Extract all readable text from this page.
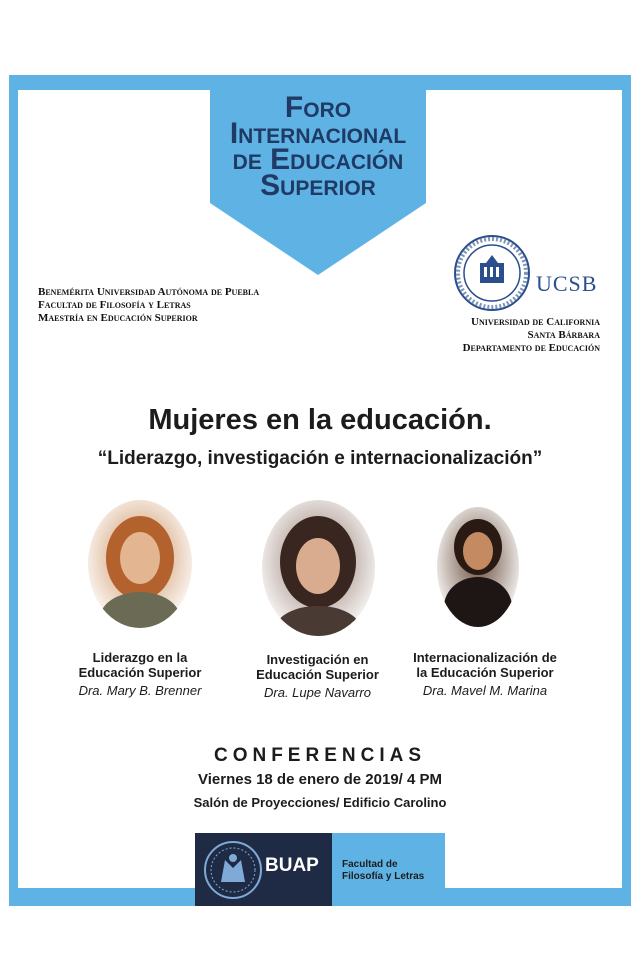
Foro
Internacional
de Educación
Superior
Benemérita Universidad Autónoma de Puebla
Facultad de Filosofía y Letras
Maestría en Educación Superior
UCSB
Universidad de California
Santa Bárbara
Departamento de Educación
Mujeres en la educación.
“Liderazgo, investigación e internacionalización”
Liderazgo en la
Educación Superior
Dra. Mary B. Brenner
Investigación en
Educación Superior
Dra. Lupe Navarro
Internacionalización de
la Educación Superior
Dra. Mavel M. Marina
CONFERENCIAS
Viernes 18 de enero de 2019/ 4 PM
Salón de Proyecciones/ Edificio Carolino
BUAP Facultad de
Filosofía y Letras
